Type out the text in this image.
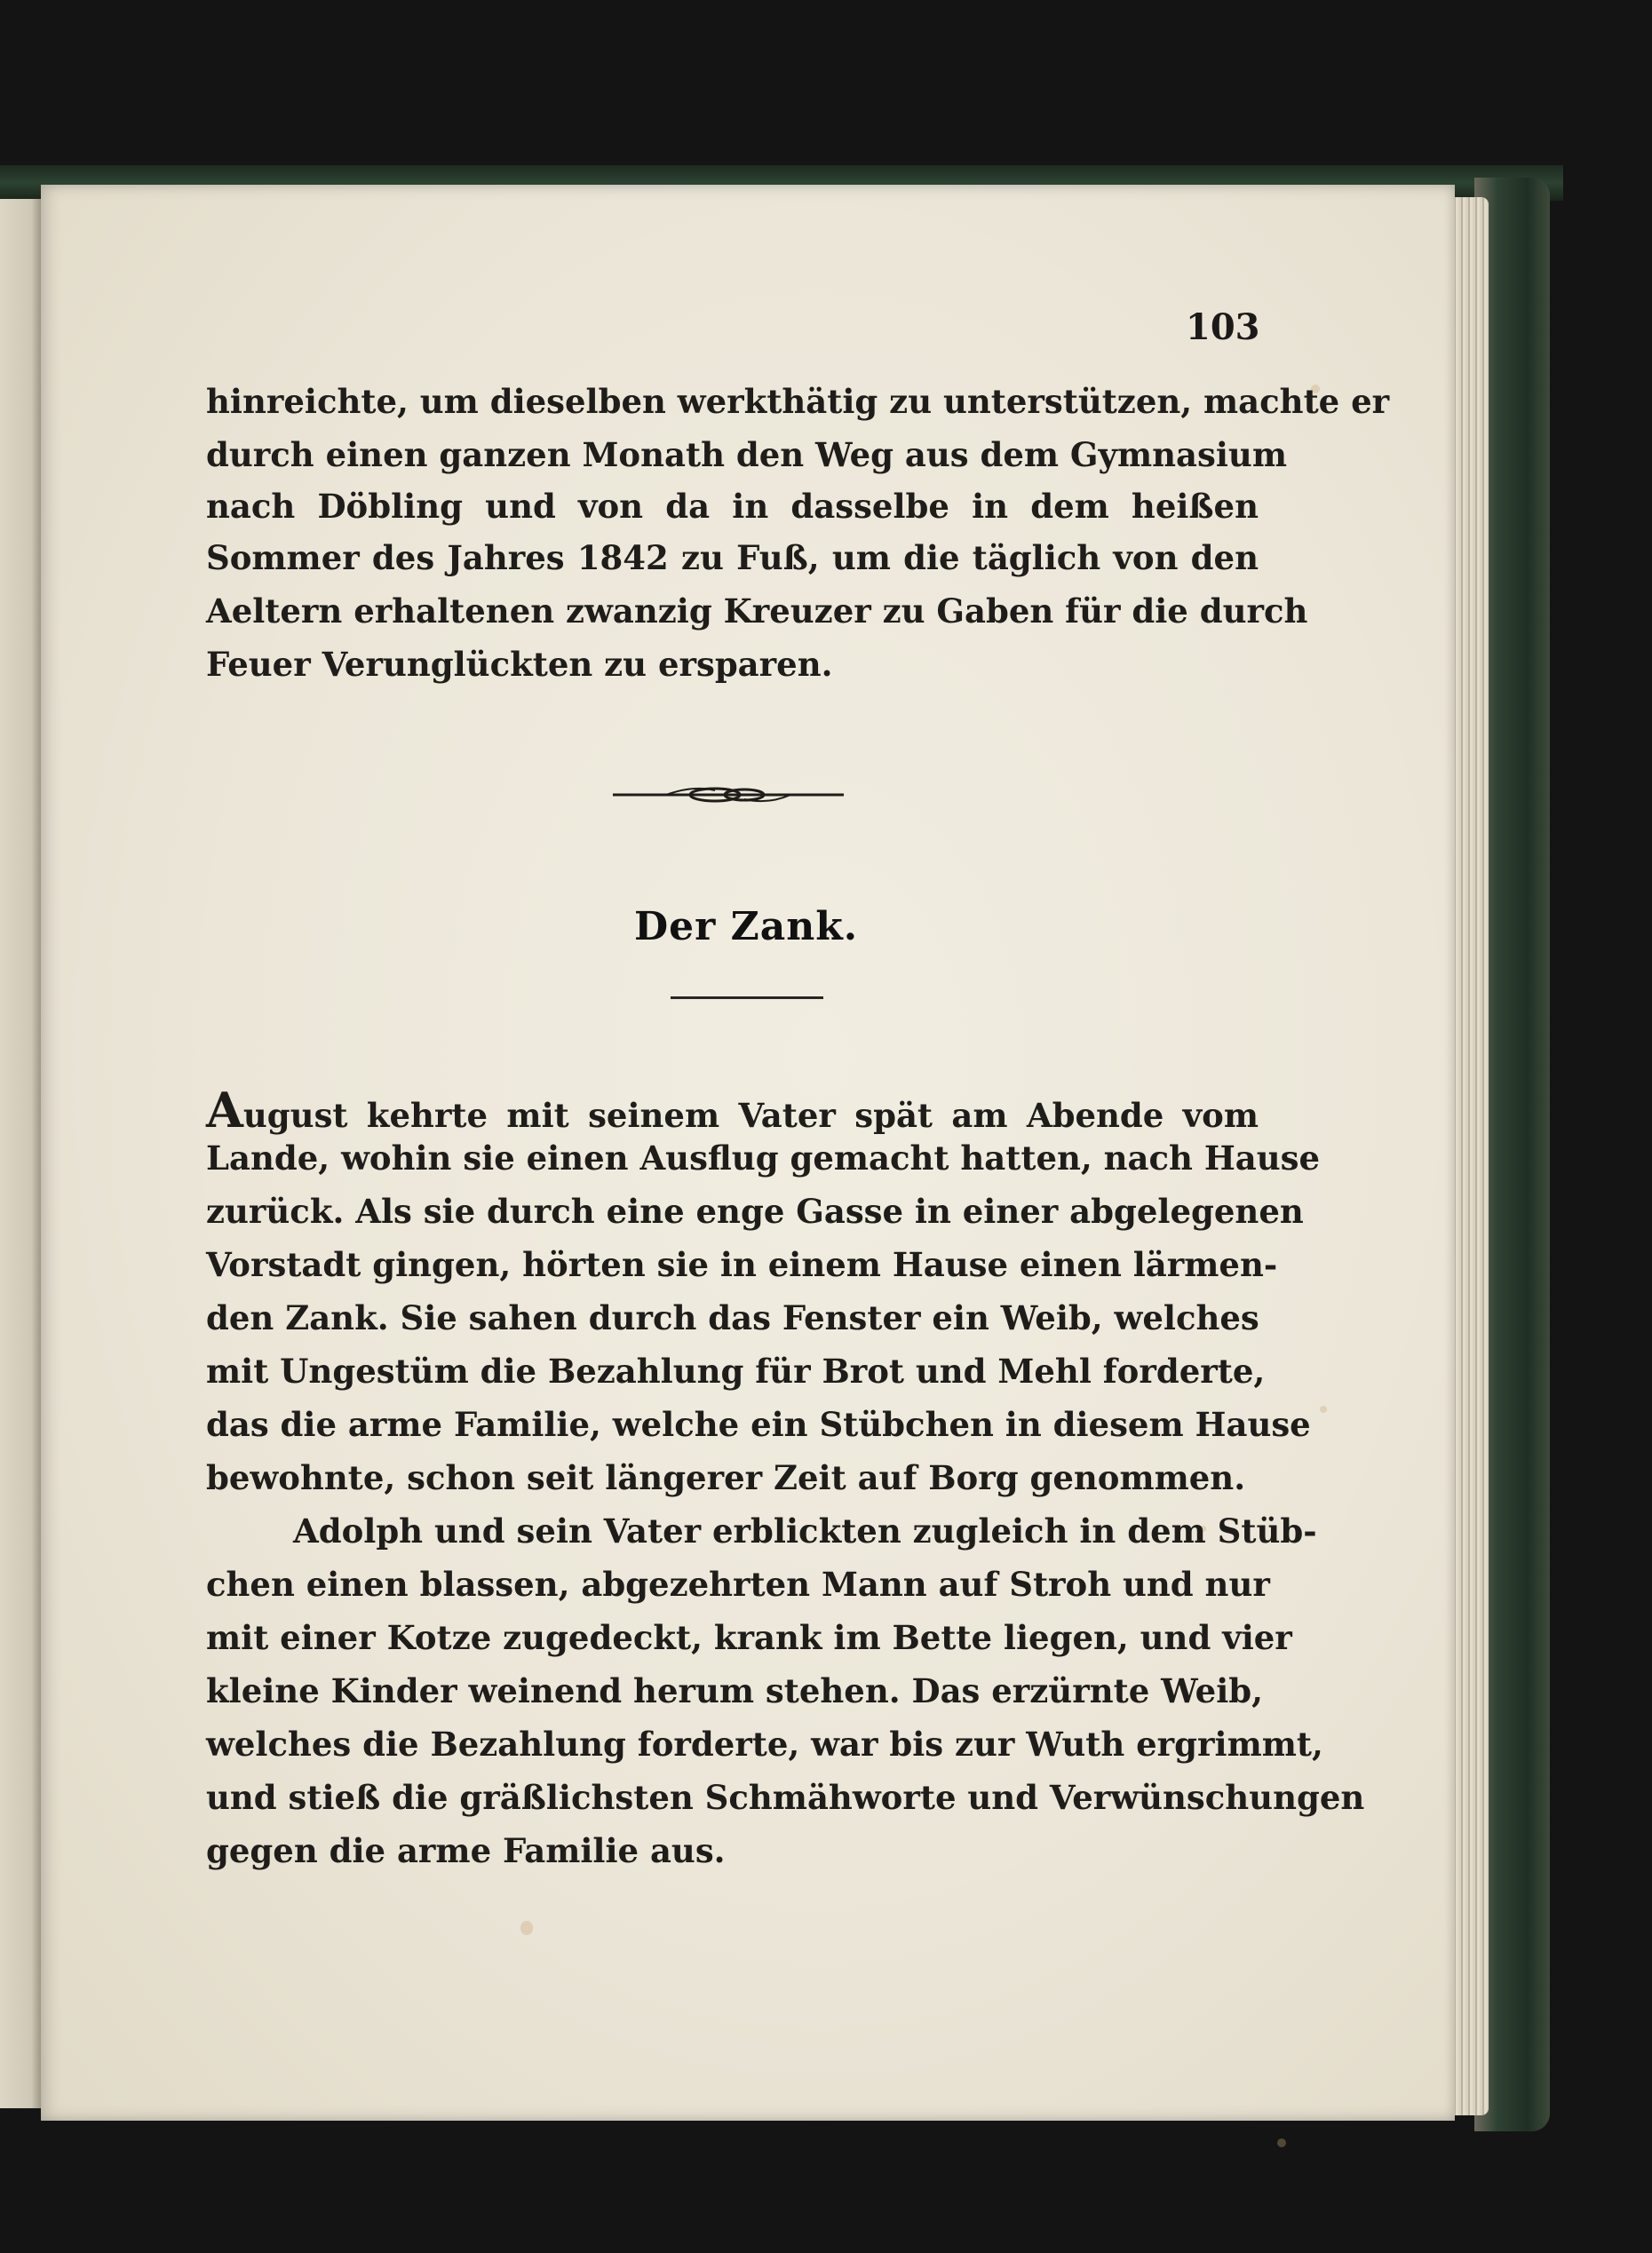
103
hinreichte, um dieselben werkthätig zu unterstützen, machte er
durch einen ganzen Monath den Weg aus dem Gymnasium
nach Döbling und von da in dasselbe in dem heißen
Sommer des Jahres 1842 zu Fuß, um die täglich von den
Aeltern erhaltenen zwanzig Kreuzer zu Gaben für die durch
Feuer Verunglückten zu ersparen.
Der Zank.
August kehrte mit seinem Vater spät am Abende vom
Lande, wohin sie einen Ausflug gemacht hatten, nach Hause
zurück. Als sie durch eine enge Gasse in einer abgelegenen
Vorstadt gingen, hörten sie in einem Hause einen lärmen-
den Zank. Sie sahen durch das Fenster ein Weib, welches
mit Ungestüm die Bezahlung für Brot und Mehl forderte,
das die arme Familie, welche ein Stübchen in diesem Hause
bewohnte, schon seit längerer Zeit auf Borg genommen.
Adolph und sein Vater erblickten zugleich in dem Stüb-
chen einen blassen, abgezehrten Mann auf Stroh und nur
mit einer Kotze zugedeckt, krank im Bette liegen, und vier
kleine Kinder weinend herum stehen. Das erzürnte Weib,
welches die Bezahlung forderte, war bis zur Wuth ergrimmt,
und stieß die gräßlichsten Schmähworte und Verwünschungen
gegen die arme Familie aus.
